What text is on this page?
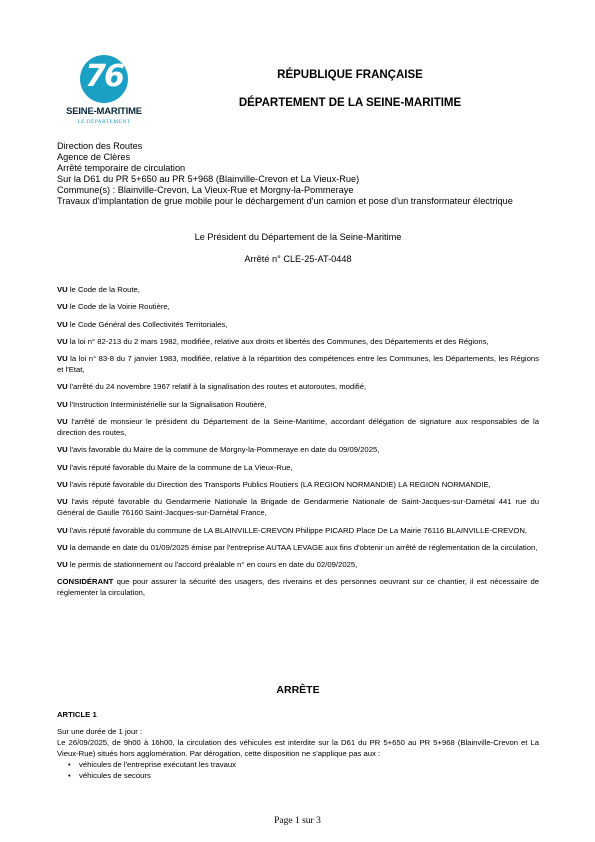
76
SEINE-MARITIME
LE DÉPARTEMENT
RÉPUBLIQUE FRANÇAISE
DÉPARTEMENT DE LA SEINE-MARITIME
Direction des Routes
Agence de Clères
Arrêté temporaire de circulation
Sur la D61 du PR 5+650 au PR 5+968 (Blainville-Crevon et La Vieux-Rue)
Commune(s) : Blainville-Crevon, La Vieux-Rue et Morgny-la-Pommeraye
Travaux d'implantation de grue mobile pour le déchargement d'un camion et pose d'un transformateur électrique
Le Président du Département de la Seine-Maritime
Arrêté n° CLE-25-AT-0448
VU le Code de la Route,
VU le Code de la Voirie Routière,
VU le Code Général des Collectivités Territoriales,
VU la loi n° 82-213 du 2 mars 1982, modifiée, relative aux droits et libertés des Communes, des Départements et des Régions,
VU la loi n° 83-8 du 7 janvier 1983, modifiée, relative à la répartition des compétences entre les Communes, les Départements, les Régions et l'Etat,
VU l'arrêté du 24 novembre 1967 relatif à la signalisation des routes et autoroutes, modifié,
VU l'Instruction Interministérielle sur la Signalisation Routière,
VU l'arrêté de monsieur le président du Département de la Seine-Maritime, accordant délégation de signature aux responsables de la direction des routes,
VU l'avis favorable du Maire de la commune de Morgny-la-Pommeraye en date du 09/09/2025,
VU l'avis réputé favorable du Maire de la commune de La Vieux-Rue,
VU l'avis réputé favorable du Direction des Transports Publics Routiers (LA REGION NORMANDIE) LA REGION NORMANDIE,
VU l'avis réputé favorable du Gendarmerie Nationale la Brigade de Gendarmerie Nationale de Saint-Jacques-sur-Darnétal 441 rue du Général de Gaulle 76160 Saint-Jacques-sur-Darnétal France,
VU l'avis réputé favorable du commune de LA BLAINVILLE-CREVON Philippe PICARD Place De La Mairie 76116 BLAINVILLE-CREVON,
VU la demande en date du 01/09/2025 émise par l'entreprise AUTAA LEVAGE aux fins d'obtenir un arrêté de réglementation de la circulation,
VU le permis de stationnement ou l'accord préalable n° en cours en date du 02/09/2025,
CONSIDÉRANT que pour assurer la sécurité des usagers, des riverains et des personnes oeuvrant sur ce chantier, il est nécessaire de réglementer la circulation,
ARRÊTE
ARTICLE 1
Sur une durée de 1 jour :
Le 26/09/2025, de 9h00 à 16h00, la circulation des véhicules est interdite sur la D61 du PR 5+650 au PR 5+968 (Blainville-Crevon et La Vieux-Rue) situés hors agglomération. Par dérogation, cette disposition ne s'applique pas aux :
• véhicules de l'entreprise exécutant les travaux
• véhicules de secours
Page 1 sur 3
